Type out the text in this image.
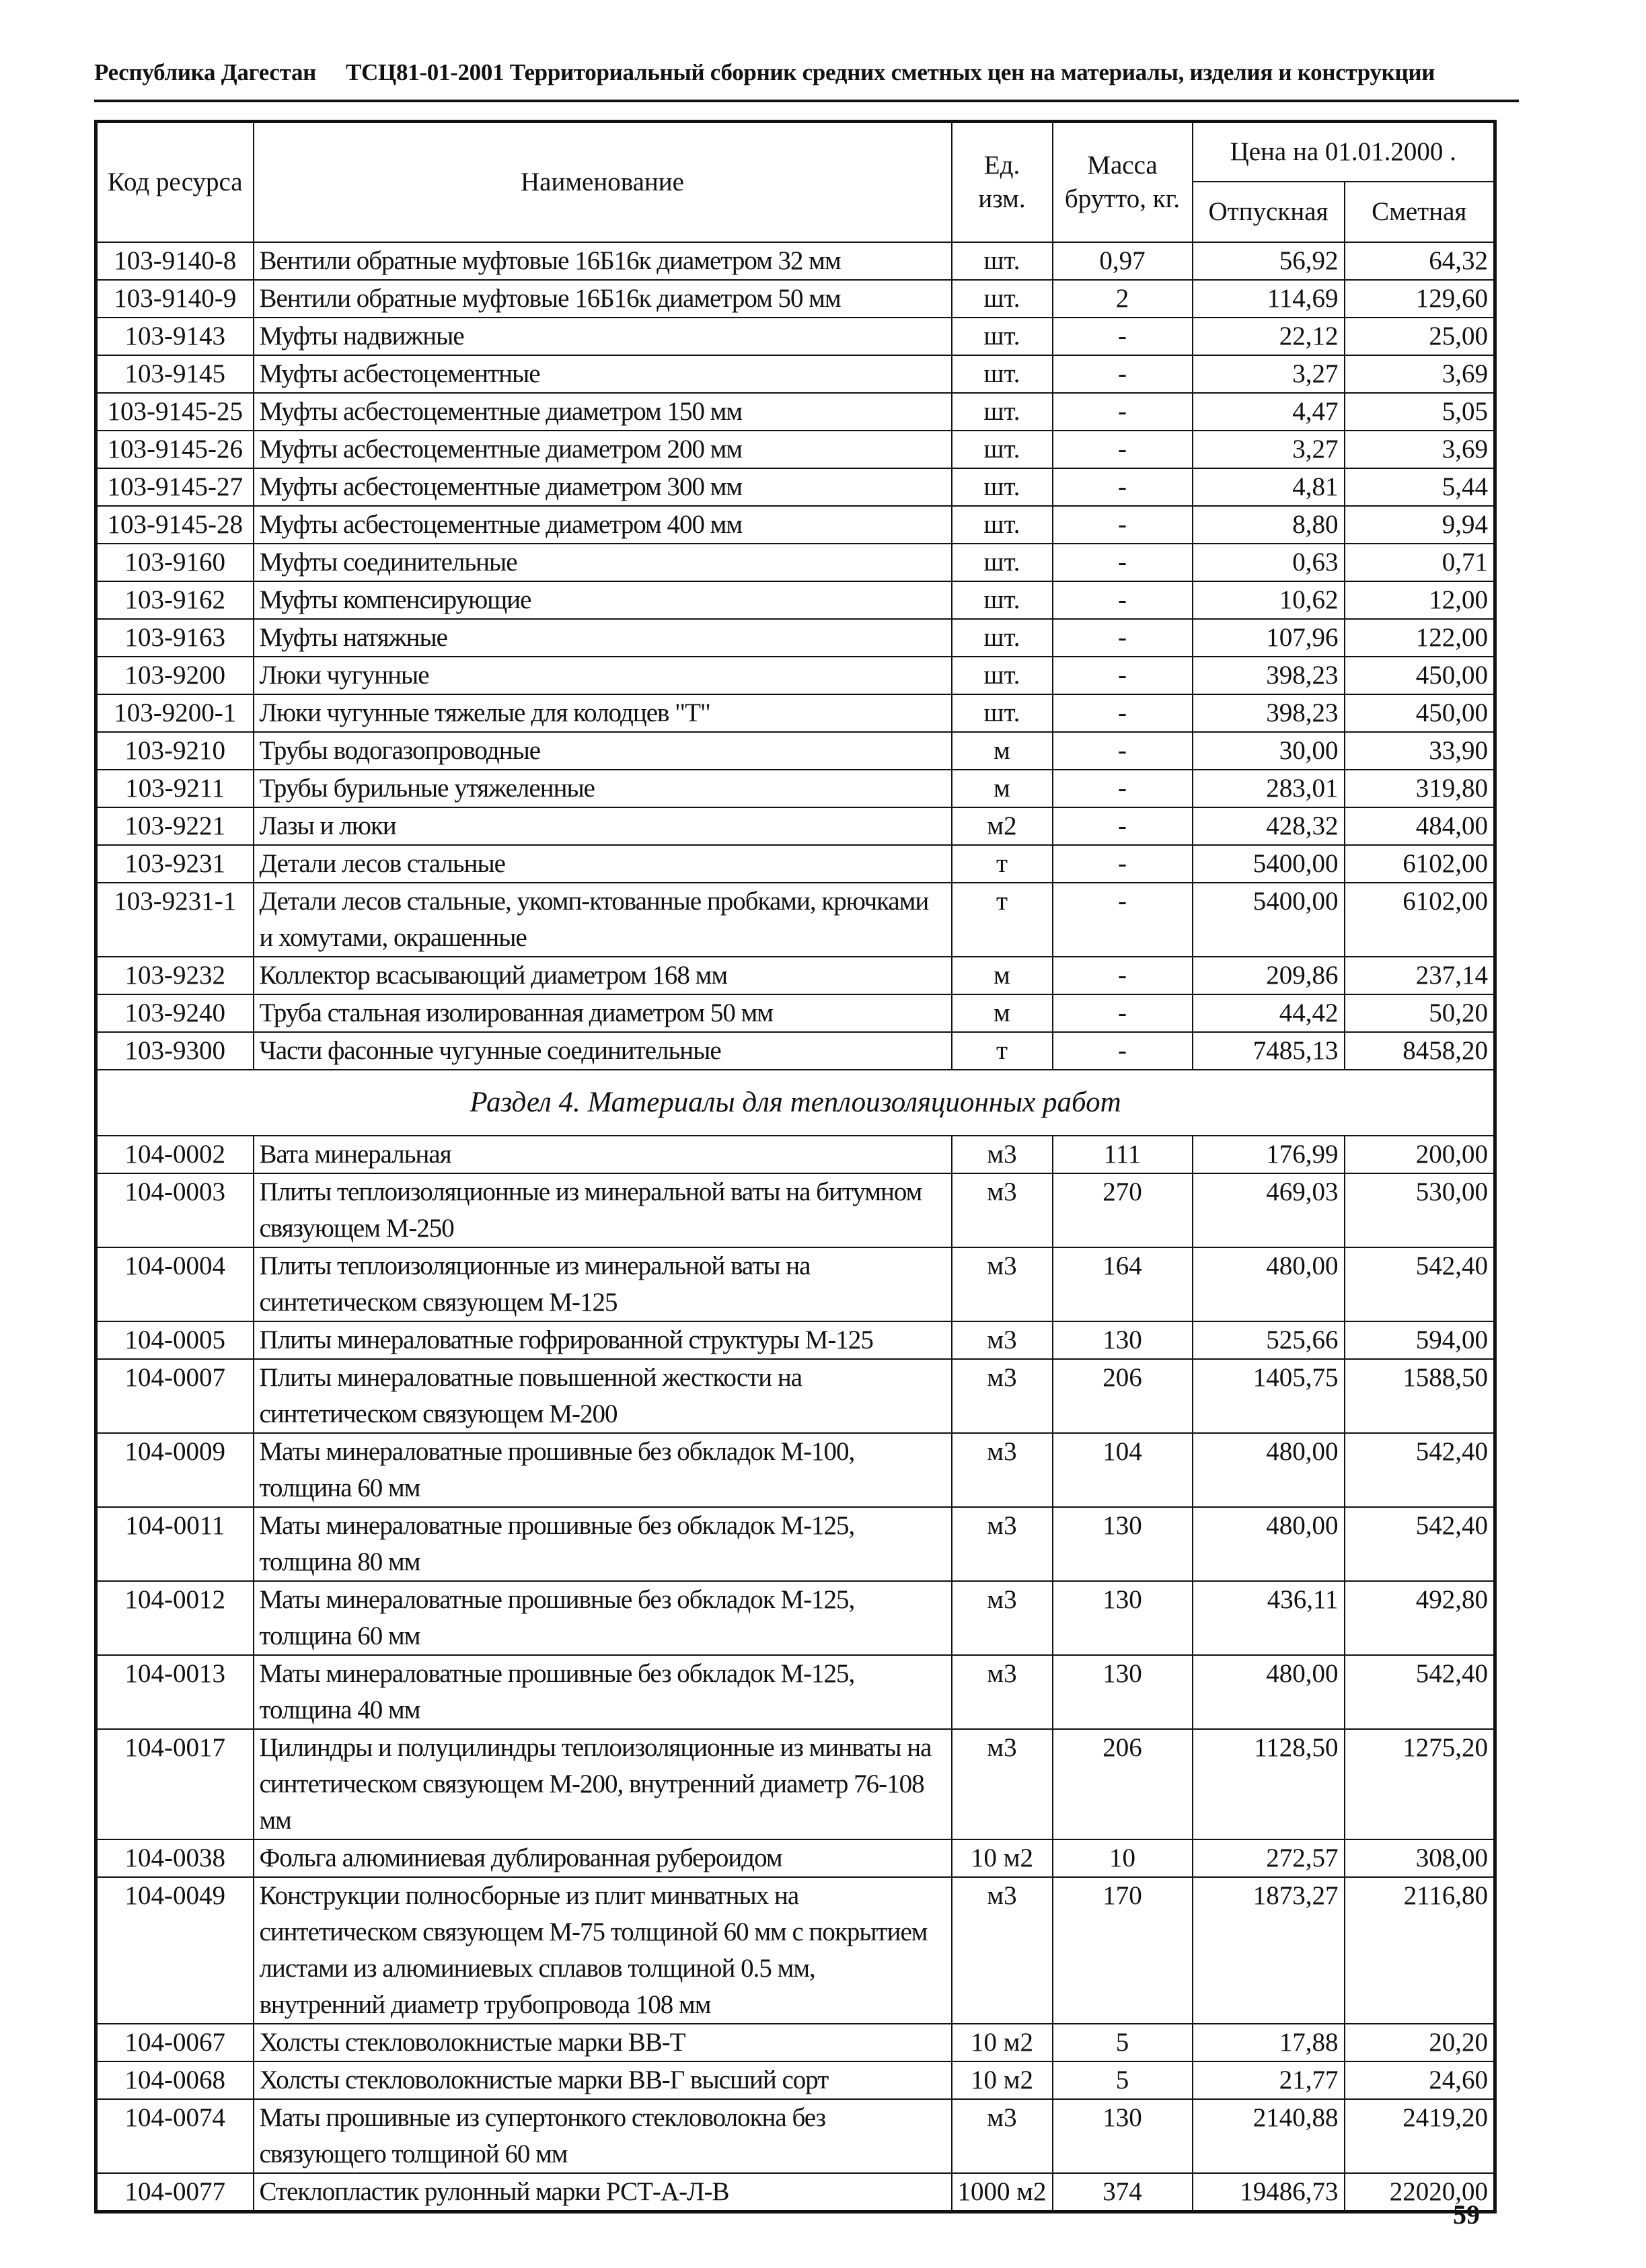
Республика Дагестан ТСЦ81-01-2001 Территориальный сборник средних сметных цен на материалы, изделия и конструкции
Код ресурса	Наименование	Ед. изм.	Масса брутто, кг.	Цена на 01.01.2000 .	
				Отпускная	Сметная
103-9140-8	Вентили обратные муфтовые 16Б16к диаметром 32 мм	шт.	0,97	56,92	64,32
103-9140-9	Вентили обратные муфтовые 16Б16к диаметром 50 мм	шт.	2	114,69	129,60
103-9143	Муфты надвижные	шт.	-	22,12	25,00
103-9145	Муфты асбестоцементные	шт.	-	3,27	3,69
103-9145-25	Муфты асбестоцементные диаметром 150 мм	шт.	-	4,47	5,05
103-9145-26	Муфты асбестоцементные диаметром 200 мм	шт.	-	3,27	3,69
103-9145-27	Муфты асбестоцементные диаметром 300 мм	шт.	-	4,81	5,44
103-9145-28	Муфты асбестоцементные диаметром 400 мм	шт.	-	8,80	9,94
103-9160	Муфты соединительные	шт.	-	0,63	0,71
103-9162	Муфты компенсирующие	шт.	-	10,62	12,00
103-9163	Муфты натяжные	шт.	-	107,96	122,00
103-9200	Люки чугунные	шт.	-	398,23	450,00
103-9200-1	Люки чугунные тяжелые для колодцев "Т"	шт.	-	398,23	450,00
103-9210	Трубы водогазопроводные	м	-	30,00	33,90
103-9211	Трубы бурильные утяжеленные	м	-	283,01	319,80
103-9221	Лазы и люки	м2	-	428,32	484,00
103-9231	Детали лесов стальные	т	-	5400,00	6102,00
103-9231-1	Детали лесов стальные, укомп-ктованные пробками, крючками и хомутами, окрашенные	т	-	5400,00	6102,00
103-9232	Коллектор всасывающий диаметром 168 мм	м	-	209,86	237,14
103-9240	Труба стальная изолированная диаметром 50 мм	м	-	44,42	50,20
103-9300	Части фасонные чугунные соединительные	т	-	7485,13	8458,20
Раздел 4. Материалы для теплоизоляционных работ					
104-0002	Вата минеральная	м3	111	176,99	200,00
104-0003	Плиты теплоизоляционные из минеральной ваты на битумном связующем М-250	м3	270	469,03	530,00
104-0004	Плиты теплоизоляционные из минеральной ваты на синтетическом связующем М-125	м3	164	480,00	542,40
104-0005	Плиты минераловатные гофрированной структуры М-125	м3	130	525,66	594,00
104-0007	Плиты минераловатные повышенной жесткости на синтетическом связующем М-200	м3	206	1405,75	1588,50
104-0009	Маты минераловатные прошивные без обкладок М-100, толщина 60 мм	м3	104	480,00	542,40
104-0011	Маты минераловатные прошивные без обкладок М-125, толщина 80 мм	м3	130	480,00	542,40
104-0012	Маты минераловатные прошивные без обкладок М-125, толщина 60 мм	м3	130	436,11	492,80
104-0013	Маты минераловатные прошивные без обкладок М-125, толщина 40 мм	м3	130	480,00	542,40
104-0017	Цилиндры и полуцилиндры теплоизоляционные из минваты на синтетическом связующем М-200, внутренний диаметр 76-108 мм	м3	206	1128,50	1275,20
104-0038	Фольга алюминиевая дублированная рубероидом	10 м2	10	272,57	308,00
104-0049	Конструкции полносборные из плит минватных на синтетическом связующем М-75 толщиной 60 мм с покрытием листами из алюминиевых сплавов толщиной 0.5 мм, внутренний диаметр трубопровода 108 мм	м3	170	1873,27	2116,80
104-0067	Холсты стекловолокнистые марки ВВ-Т	10 м2	5	17,88	20,20
104-0068	Холсты стекловолокнистые марки ВВ-Г высший сорт	10 м2	5	21,77	24,60
104-0074	Маты прошивные из супертонкого стекловолокна без связующего толщиной 60 мм	м3	130	2140,88	2419,20
104-0077	Стеклопластик рулонный марки РСТ-А-Л-В	1000 м2	374	19486,73	22020,00
59
